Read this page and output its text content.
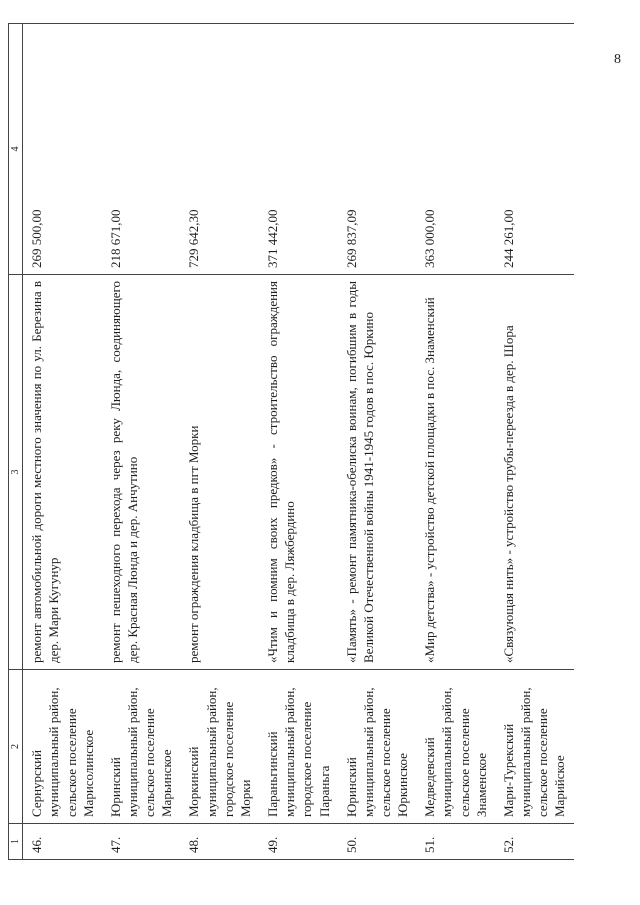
8
1	2	3	4
46.	Сернурский муниципальный район, сельское поселение Марисолинское	ремонт автомобильной дороги местного значения по ул. Березина в дер. Мари Кугунур	269 500,00
47.	Юринский муниципальный район, сельское поселение Марьинское	ремонт пешеходного перехода через реку Люнда, соединяющего дер. Красная Люнда и дер. Анчутино	218 671,00
48.	Моркинский муниципальный район, городское поселение Морки	ремонт ограждения кладбища в пгт Морки	729 642,30
49.	Параньгинский муниципальный район, городское поселение Параньга	«Чтим и помним своих предков» - строительство ограждения кладбища в дер. Ляжбердино	371 442,00
50.	Юринский муниципальный район, сельское поселение Юркинское	«Память» - ремонт памятника-обелиска воинам, погибшим в годы Великой Отечественной войны 1941-1945 годов в пос. Юркино	269 837,09
51.	Медведевский муниципальный район, сельское поселение Знаменское	«Мир детства» - устройство детской площадки в пос. Знаменский	363 000,00
52.	Мари-Турекский муниципальный район, сельское поселение Марийское	«Связующая нить» - устройство трубы-переезда в дер. Шора	244 261,00
